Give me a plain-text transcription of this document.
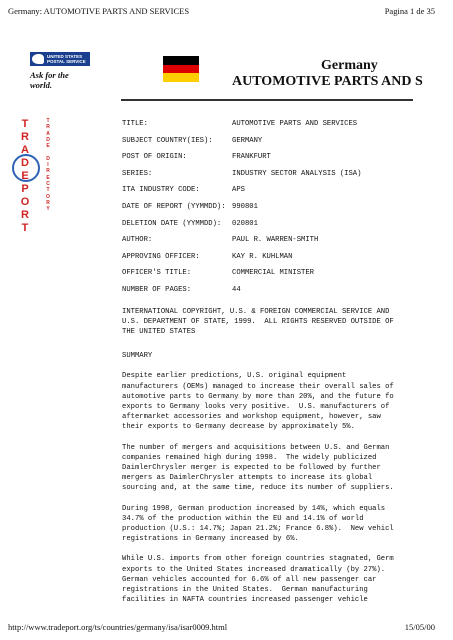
Germany: AUTOMOTIVE PARTS AND SERVICES	Pagina 1 de 35
UNITED STATES
POSTAL SERVICE
Ask for the world.
Germany
AUTOMOTIVE PARTS AND S
T
R
A
D
E
P
O
R
T
T
R
A
D
E

D
I
R
E
C
T
O
R
Y
TITLE:	AUTOMOTIVE PARTS AND SERVICES
SUBJECT COUNTRY(IES):	GERMANY
POST OF ORIGIN:	FRANKFURT
SERIES:	INDUSTRY SECTOR ANALYSIS (ISA)
ITA INDUSTRY CODE:	APS
DATE OF REPORT (YYMMDD): 990801
DELETION DATE (YYMMDD):	020801
AUTHOR:	PAUL R. WARREN-SMITH
APPROVING OFFICER:	KAY R. KUHLMAN
OFFICER'S TITLE:	COMMERCIAL MINISTER
NUMBER OF PAGES:	44

INTERNATIONAL COPYRIGHT, U.S. & FOREIGN COMMERCIAL SERVICE AND
U.S. DEPARTMENT OF STATE, 1999.  ALL RIGHTS RESERVED OUTSIDE OF
THE UNITED STATES

SUMMARY

Despite earlier predictions, U.S. original equipment
manufacturers (OEMs) managed to increase their overall sales of
automotive parts to Germany by more than 20%, and the future fo
exports to Germany looks very positive.  U.S. manufacturers of
aftermarket accessories and workshop equipment, however, saw
their exports to Germany decrease by approximately 5%.

The number of mergers and acquisitions between U.S. and German
companies remained high during 1998.  The widely publicized
DaimlerChrysler merger is expected to be followed by further
mergers as DaimlerChrysler attempts to increase its global
sourcing and, at the same time, reduce its number of suppliers.

During 1998, German production increased by 14%, which equals
34.7% of the production within the EU and 14.1% of world
production (U.S.: 14.7%; Japan 21.2%; France 6.8%).  New vehicl
registrations in Germany increased by 6%.

While U.S. imports from other foreign countries stagnated, Germ
exports to the United States increased dramatically (by 27%).
German vehicles accounted for 6.6% of all new passenger car
registrations in the United States.  German manufacturing
facilities in NAFTA countries increased passenger vehicle

http://www.tradeport.org/ts/countries/germany/isa/isar0009.html	15/05/00
